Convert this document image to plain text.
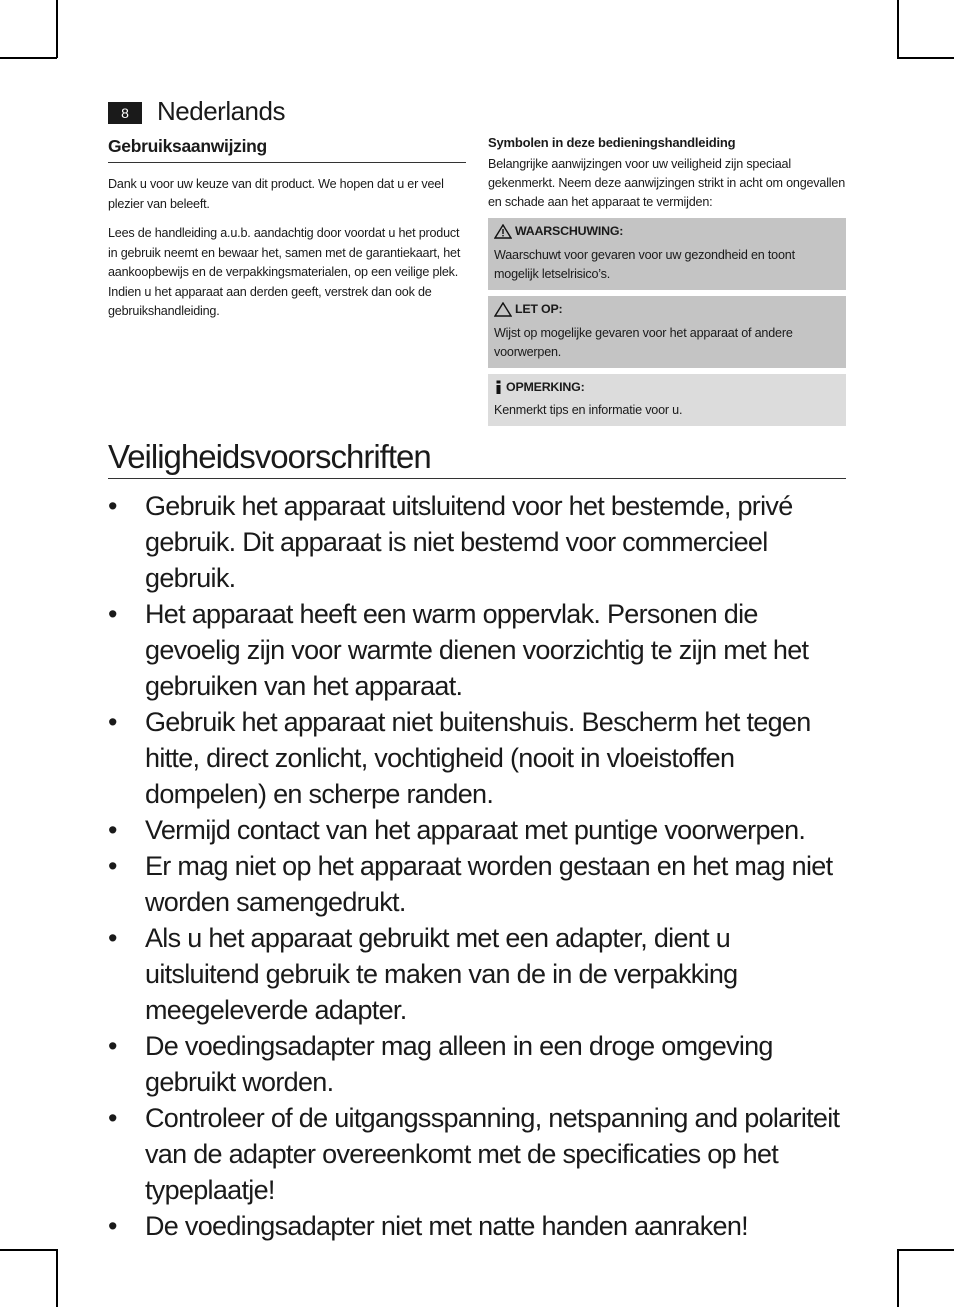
8	Nederlands
Gebruiksaanwijzing

Dank u voor uw keuze van dit product. We hopen dat u er veel plezier van beleeft.

Lees de handleiding a.u.b. aandachtig door voordat u het product in gebruik neemt en bewaar het, samen met de garantiekaart, het aankoopbewijs en de verpakkingsmaterialen, op een veilige plek. Indien u het apparaat aan derden geeft, verstrek dan ook de gebruikshandleiding.

Symbolen in deze bedieningshandleiding

Belangrijke aanwijzingen voor uw veiligheid zijn speciaal gekenmerkt. Neem deze aanwijzingen strikt in acht om ongevallen en schade aan het apparaat te vermijden:

WAARSCHUWING:
Waarschuwt voor gevaren voor uw gezondheid en toont mogelijk letselrisico’s.
LET OP:
Wijst op mogelijke gevaren voor het apparaat of andere voorwerpen.
OPMERKING:
Kenmerkt tips en informatie voor u.
Veiligheidsvoorschriften
• Gebruik het apparaat uitsluitend voor het bestemde, privé gebruik. Dit apparaat is niet bestemd voor commercieel gebruik.
• Het apparaat heeft een warm oppervlak. Personen die gevoelig zijn voor warmte dienen voorzichtig te zijn met het gebruiken van het apparaat.
• Gebruik het apparaat niet buitenshuis. Bescherm het tegen hitte, direct zonlicht, vochtigheid (nooit in vloeistoffen dompelen) en scherpe randen.
• Vermijd contact van het apparaat met puntige voorwerpen.
• Er mag niet op het apparaat worden gestaan en het mag niet worden samengedrukt.
• Als u het apparaat gebruikt met een adapter, dient u uitsluitend gebruik te maken van de in de verpakking meegeleverde adapter.
• De voedingsadapter mag alleen in een droge omgeving gebruikt worden.
• Controleer of de uitgangsspanning, netspanning and polariteit van de adapter overeenkomt met de specificaties op het typeplaatje!
• De voedingsadapter niet met natte handen aanraken!
